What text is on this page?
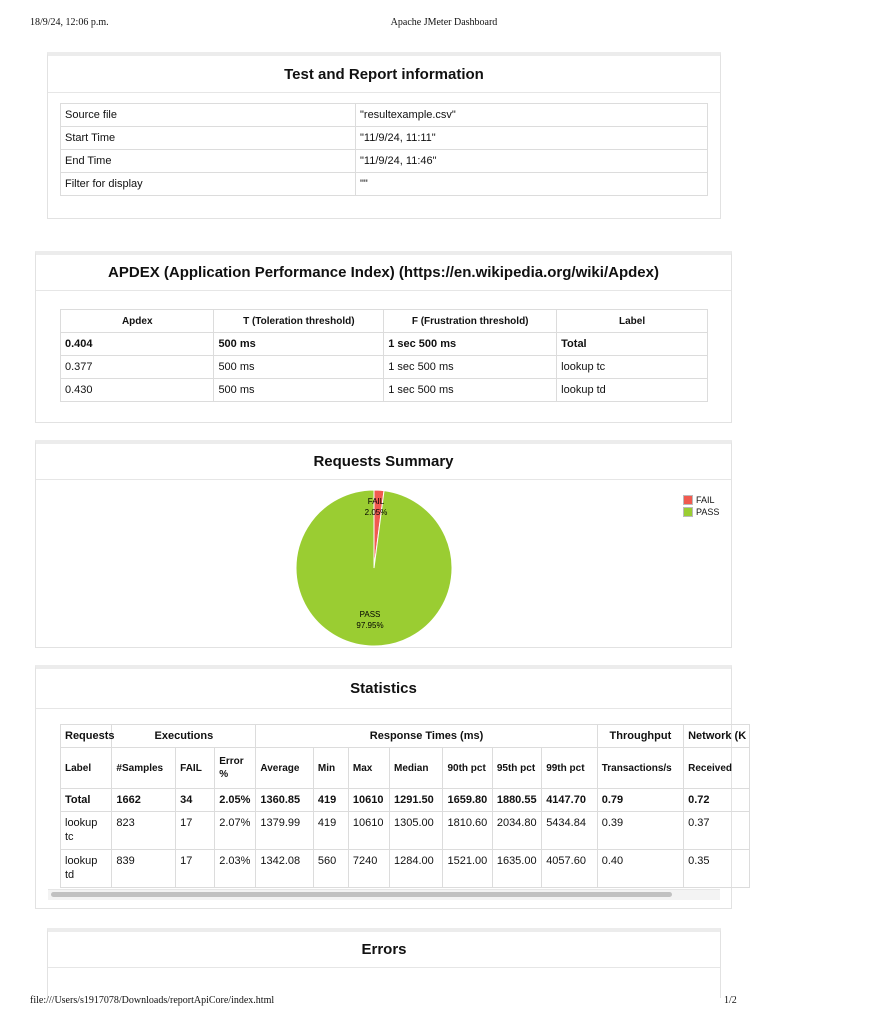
18/9/24, 12:06 p.m.	Apache JMeter Dashboard
Test and Report information
Source file	"resultexample.csv"
Start Time	"11/9/24, 11:11"
End Time	"11/9/24, 11:46"
Filter for display	""
APDEX (Application Performance Index) (https://en.wikipedia.org/wiki/Apdex)
Apdex	T (Toleration threshold)	F (Frustration threshold)	Label
0.404	500 ms	1 sec 500 ms	Total
0.377	500 ms	1 sec 500 ms	lookup tc
0.430	500 ms	1 sec 500 ms	lookup td
Requests Summary
FAIL
2.05%
PASS
97.95%
FAIL
PASS
Statistics
Requests	Executions			Response Times (ms)							Throughput	Network (K
Label	#Samples	FAIL	Error %	Average	Min	Max	Median	90th pct	95th pct	99th pct	Transactions/s	Received
Total	1662	34	2.05%	1360.85	419	10610	1291.50	1659.80	1880.55	4147.70	0.79	0.72
lookup tc	823	17	2.07%	1379.99	419	10610	1305.00	1810.60	2034.80	5434.84	0.39	0.37
lookup td	839	17	2.03%	1342.08	560	7240	1284.00	1521.00	1635.00	4057.60	0.40	0.35
Errors
file:///Users/s1917078/Downloads/reportApiCore/index.html	1/2
